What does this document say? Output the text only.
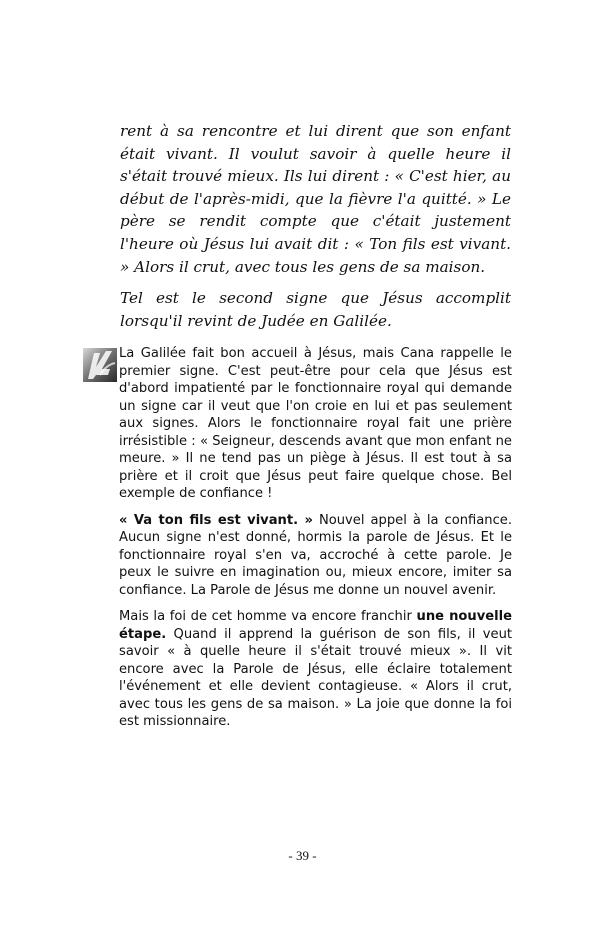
rent à sa rencontre et lui dirent que son enfant était vivant. Il voulut savoir à quelle heure il s'était trouvé mieux. Ils lui dirent : « C'est hier, au début de l'après-midi, que la fièvre l'a quitté. » Le père se rendit compte que c'était justement l'heure où Jésus lui avait dit : « Ton fils est vivant. » Alors il crut, avec tous les gens de sa maison.

Tel est le second signe que Jésus accomplit lorsqu'il revint de Judée en Galilée.

La Galilée fait bon accueil à Jésus, mais Cana rappelle le premier signe. C'est peut-être pour cela que Jésus est d'abord impatienté par le fonctionnaire royal qui demande un signe car il veut que l'on croie en lui et pas seulement aux signes. Alors le fonctionnaire royal fait une prière irrésistible : « Seigneur, descends avant que mon enfant ne meure. » Il ne tend pas un piège à Jésus. Il est tout à sa prière et il croit que Jésus peut faire quelque chose. Bel exemple de confiance !

« Va ton fils est vivant. » Nouvel appel à la confiance. Aucun signe n'est donné, hormis la parole de Jésus. Et le fonctionnaire royal s'en va, accroché à cette parole. Je peux le suivre en imagination ou, mieux encore, imiter sa confiance. La Parole de Jésus me donne un nouvel avenir.

Mais la foi de cet homme va encore franchir une nouvelle étape. Quand il apprend la guérison de son fils, il veut savoir « à quelle heure il s'était trouvé mieux ». Il vit encore avec la Parole de Jésus, elle éclaire totalement l'événement et elle devient contagieuse. « Alors il crut, avec tous les gens de sa maison. » La joie que donne la foi est missionnaire.

- 39 -
